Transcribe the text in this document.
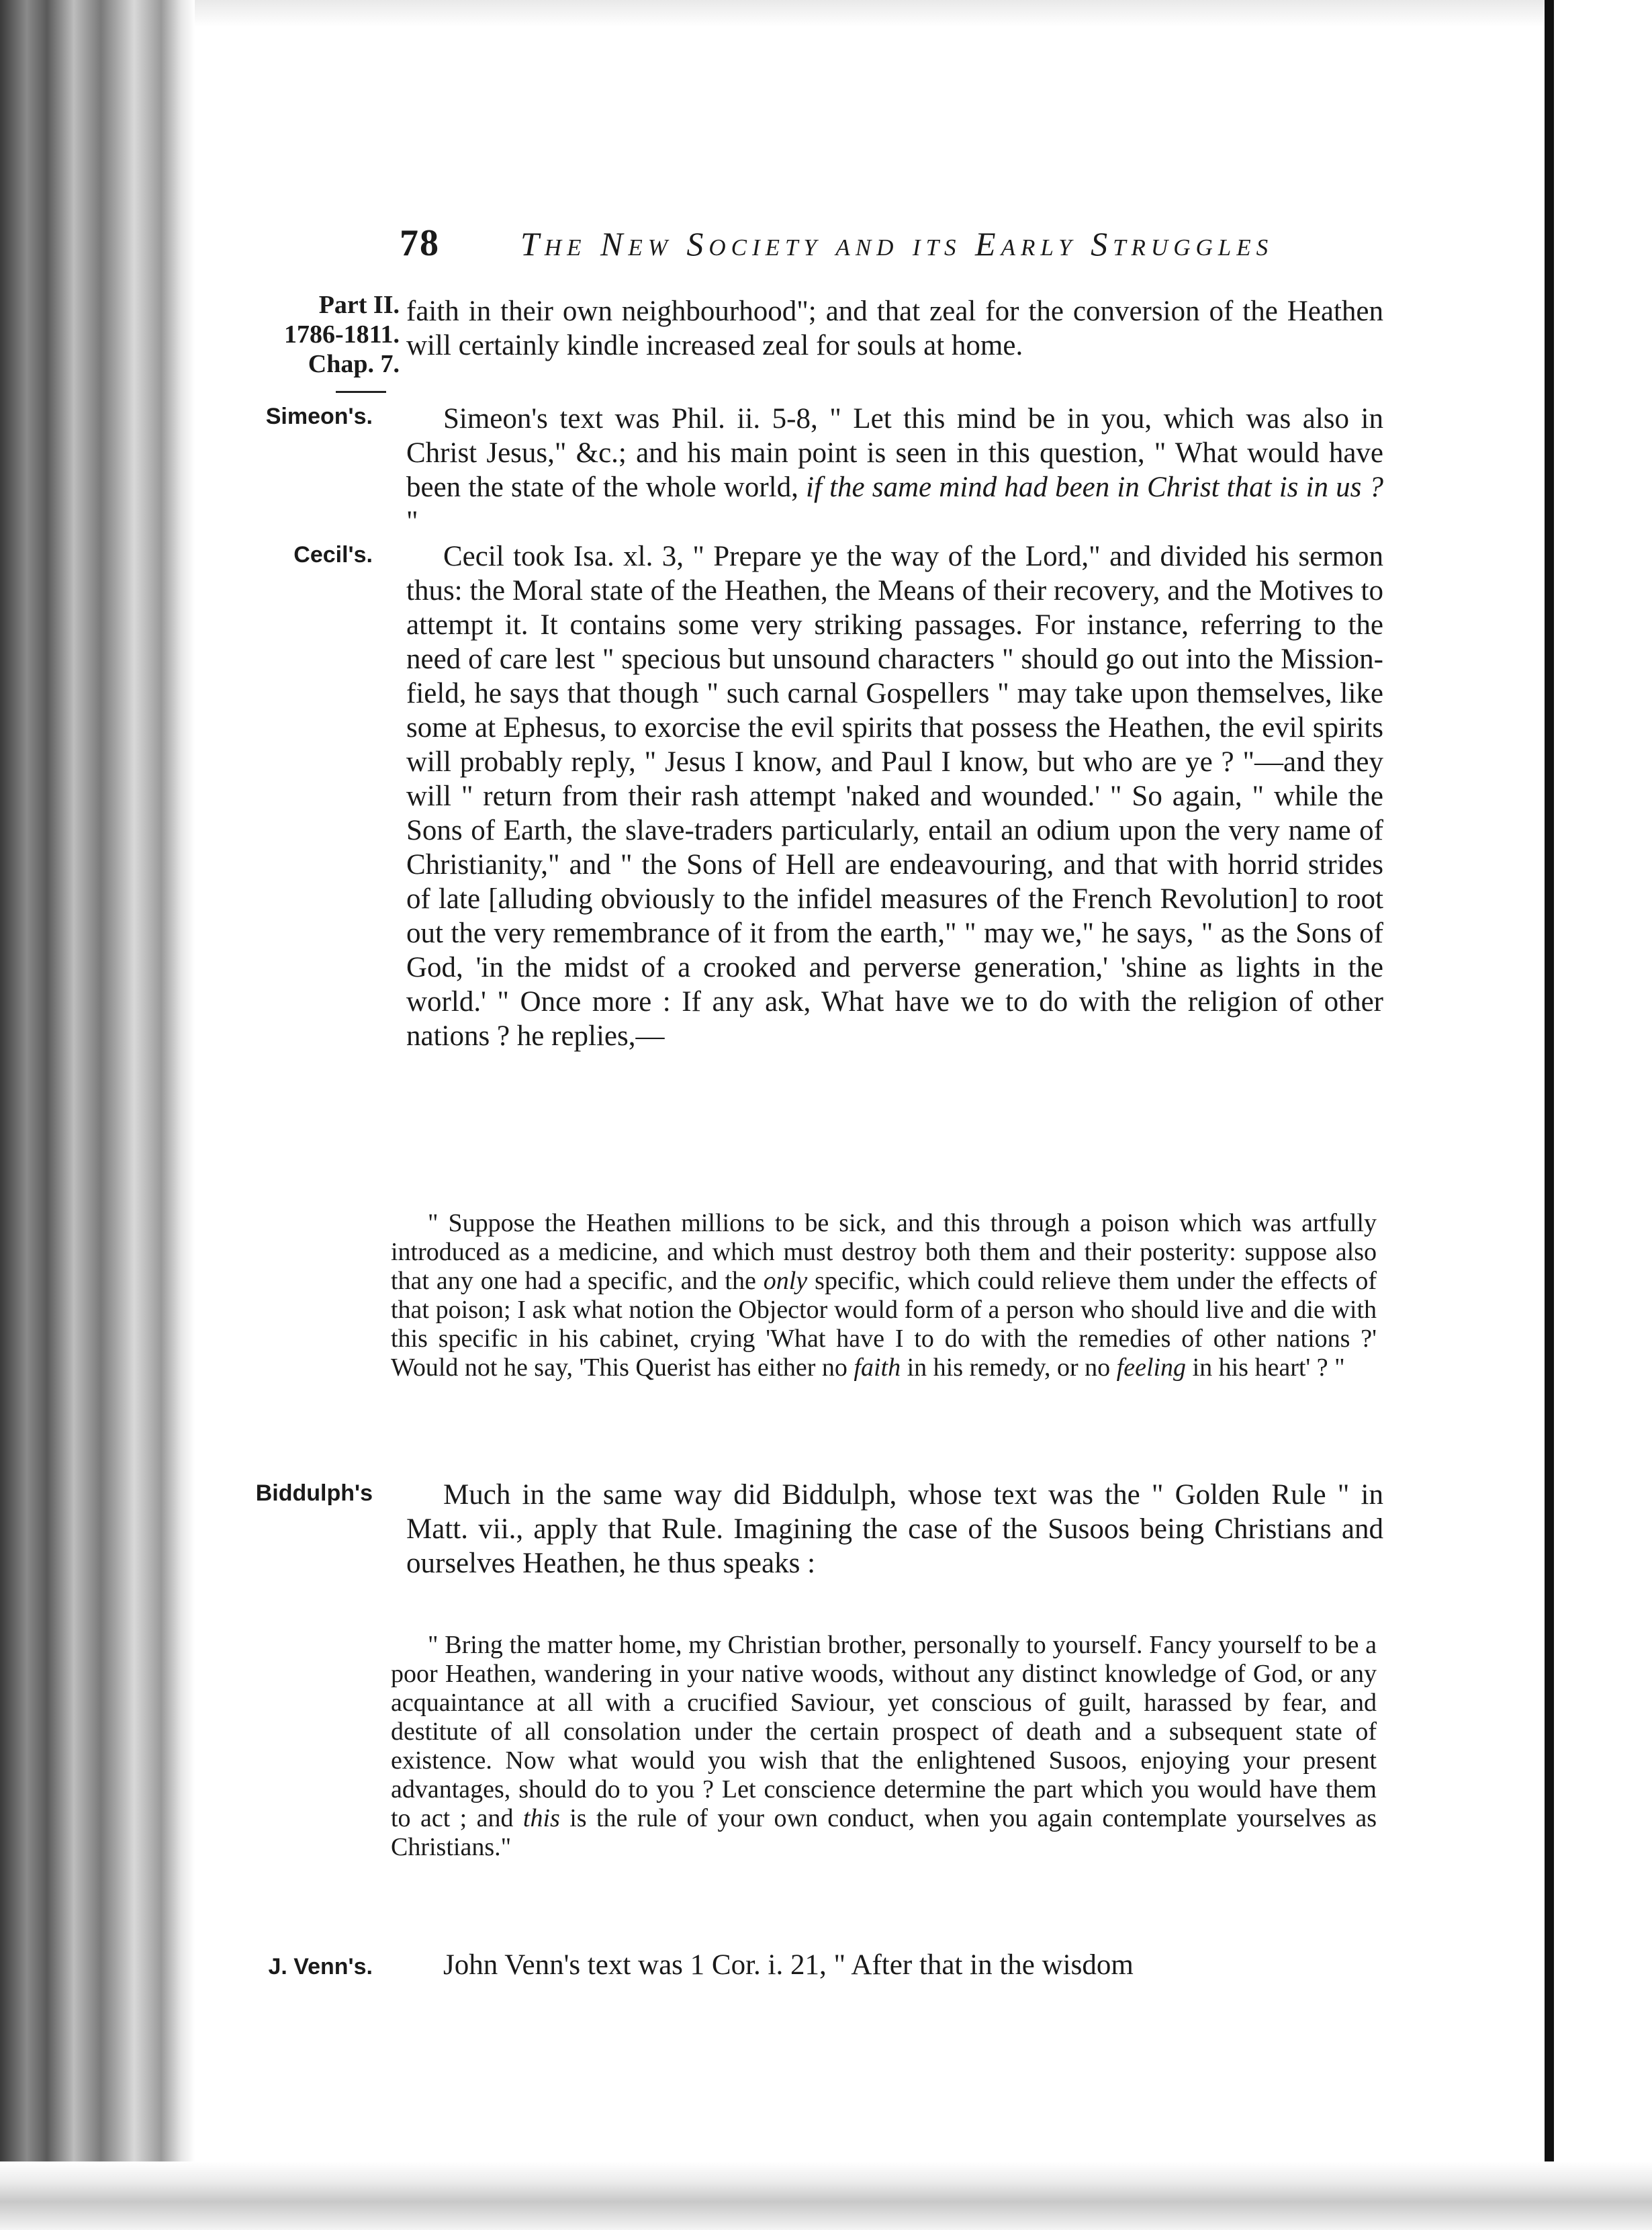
78 The New Society and its Early Struggles
Part II.
1786-1811.
Chap. 7.
Simeon's.
Cecil's.
Biddulph's
J. Venn's.

faith in their own neighbourhood"; and that zeal for the conversion of the Heathen will certainly kindle increased zeal for souls at home.

Simeon's text was Phil. ii. 5-8, " Let this mind be in you, which was also in Christ Jesus," &c.; and his main point is seen in this question, " What would have been the state of the whole world, if the same mind had been in Christ that is in us ? "

Cecil took Isa. xl. 3, " Prepare ye the way of the Lord," and divided his sermon thus: the Moral state of the Heathen, the Means of their recovery, and the Motives to attempt it. It contains some very striking passages. For instance, referring to the need of care lest " specious but unsound characters " should go out into the Mission-field, he says that though " such carnal Gospellers " may take upon themselves, like some at Ephesus, to exorcise the evil spirits that possess the Heathen, the evil spirits will probably reply, " Jesus I know, and Paul I know, but who are ye ? "—and they will " return from their rash attempt 'naked and wounded.' " So again, " while the Sons of Earth, the slave-traders particularly, entail an odium upon the very name of Christianity," and " the Sons of Hell are endeavouring, and that with horrid strides of late [alluding obviously to the infidel measures of the French Revolution] to root out the very remembrance of it from the earth," " may we," he says, " as the Sons of God, 'in the midst of a crooked and perverse generation,' 'shine as lights in the world.' " Once more : If any ask, What have we to do with the religion of other nations ? he replies,—

" Suppose the Heathen millions to be sick, and this through a poison which was artfully introduced as a medicine, and which must destroy both them and their posterity: suppose also that any one had a specific, and the only specific, which could relieve them under the effects of that poison; I ask what notion the Objector would form of a person who should live and die with this specific in his cabinet, crying 'What have I to do with the remedies of other nations ?' Would not he say, 'This Querist has either no faith in his remedy, or no feeling in his heart' ? "

Much in the same way did Biddulph, whose text was the " Golden Rule " in Matt. vii., apply that Rule. Imagining the case of the Susoos being Christians and ourselves Heathen, he thus speaks :

" Bring the matter home, my Christian brother, personally to yourself. Fancy yourself to be a poor Heathen, wandering in your native woods, without any distinct knowledge of God, or any acquaintance at all with a crucified Saviour, yet conscious of guilt, harassed by fear, and destitute of all consolation under the certain prospect of death and a subsequent state of existence. Now what would you wish that the enlightened Susoos, enjoying your present advantages, should do to you ? Let conscience determine the part which you would have them to act ; and this is the rule of your own conduct, when you again contemplate yourselves as Christians."

John Venn's text was 1 Cor. i. 21, " After that in the wisdom
